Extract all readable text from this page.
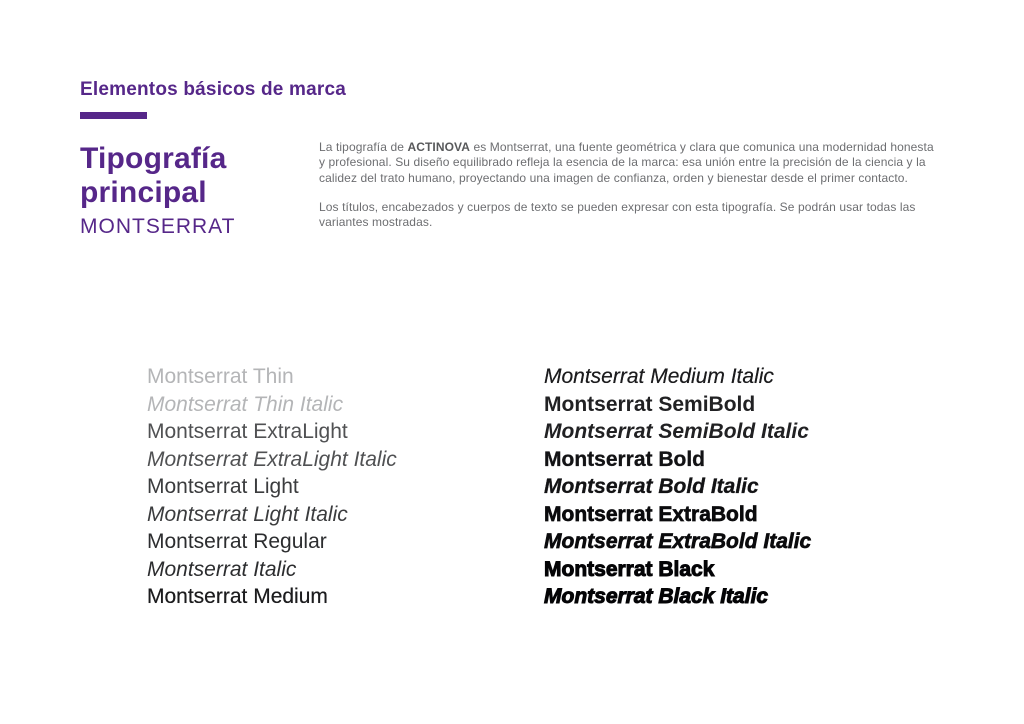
Elementos básicos de marca
Tipografía
principal
MONTSERRAT

La tipografía de ACTINOVA es Montserrat, una fuente geométrica y clara que comunica una modernidad honesta y profesional. Su diseño equilibrado refleja la esencia de la marca: esa unión entre la precisión de la ciencia y la calidez del trato humano, proyectando una imagen de confianza, orden y bienestar desde el primer contacto.

Los títulos, encabezados y cuerpos de texto se pueden expresar con esta tipografía. Se podrán usar todas las variantes mostradas.

Montserrat Thin
Montserrat Thin Italic
Montserrat ExtraLight
Montserrat ExtraLight Italic
Montserrat Light
Montserrat Light Italic
Montserrat Regular
Montserrat Italic
Montserrat Medium
Montserrat Medium Italic
Montserrat SemiBold
Montserrat SemiBold Italic
Montserrat Bold
Montserrat Bold Italic
Montserrat ExtraBold
Montserrat ExtraBold Italic
Montserrat Black
Montserrat Black Italic
